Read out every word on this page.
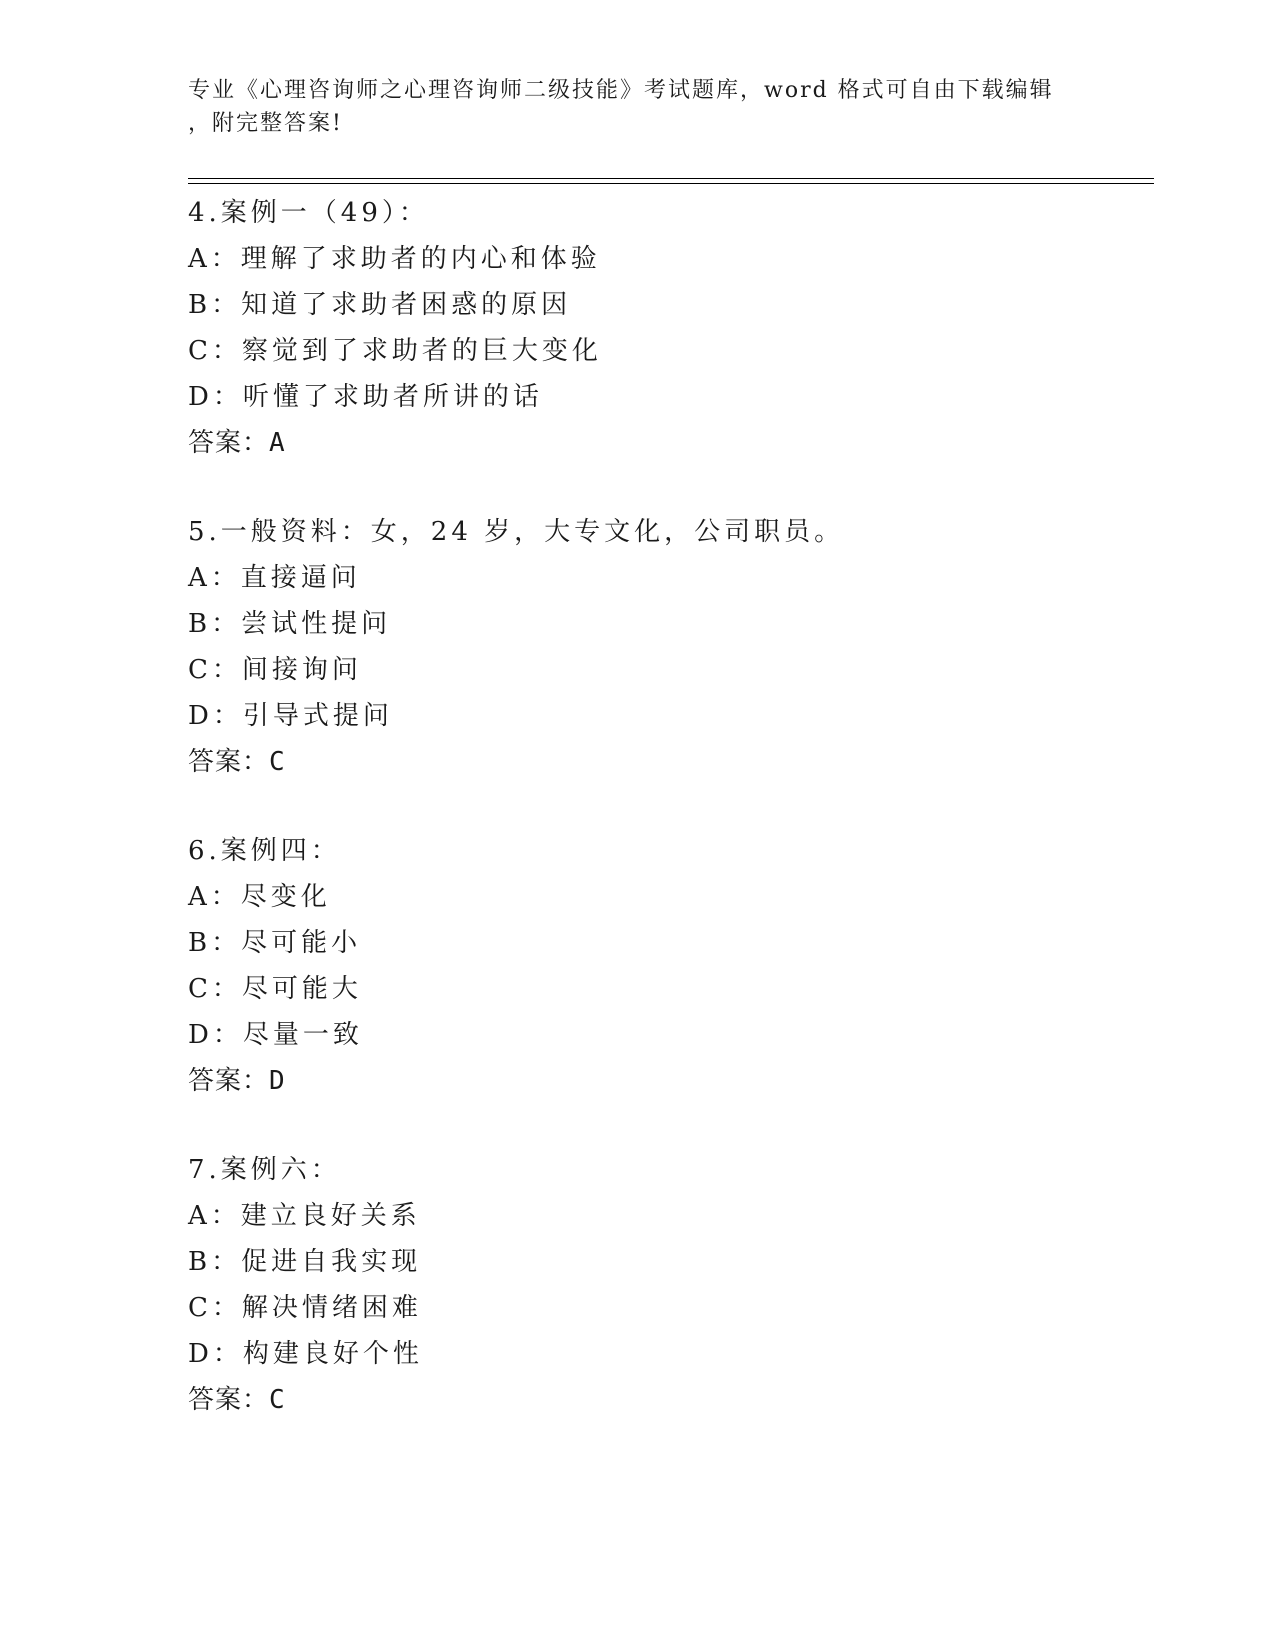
专业《心理咨询师之心理咨询师二级技能》考试题库，word 格式可自由下载编辑
，附完整答案!
4.案例一（49）：
A：理解了求助者的内心和体验
B：知道了求助者困惑的原因
C：察觉到了求助者的巨大变化
D：听懂了求助者所讲的话
答案：A
5.一般资料：女，24 岁，大专文化，公司职员。
A：直接逼问
B：尝试性提问
C：间接询问
D：引导式提问
答案：C
6.案例四：
A：尽变化
B：尽可能小
C：尽可能大
D：尽量一致
答案：D
7.案例六：
A：建立良好关系
B：促进自我实现
C：解决情绪困难
D：构建良好个性
答案：C
